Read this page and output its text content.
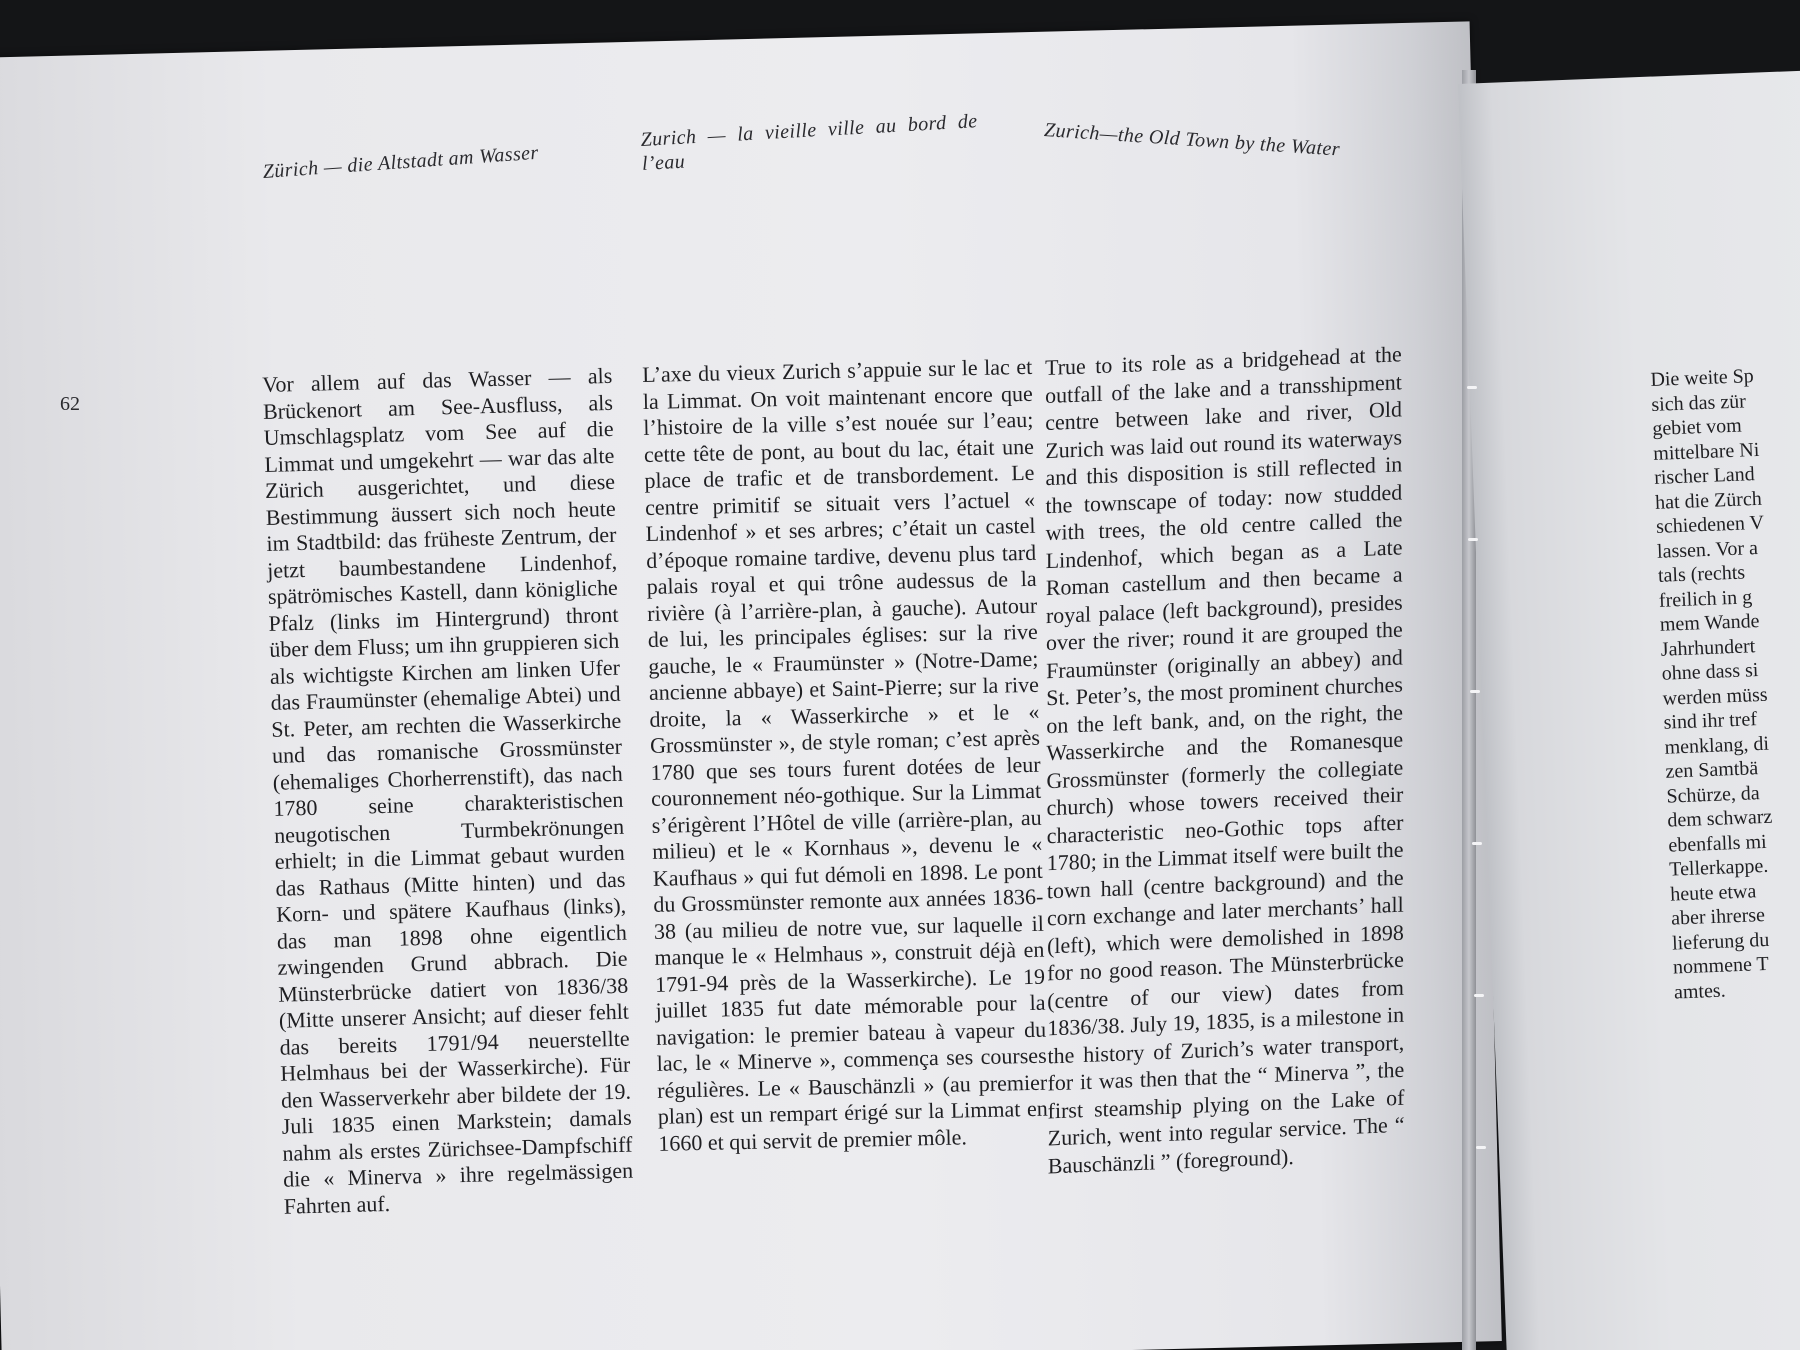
Zürich — die Altstadt am Wasser

Zurich — la vieille ville au bord de l’eau

Zurich—the Old Town by the Water

62

Vor allem auf das Wasser — als Brückenort am See-Ausfluss, als Umschlagsplatz vom See auf die Limmat und umgekehrt — war das alte Zürich ausgerichtet, und diese Bestimmung äussert sich noch heute im Stadtbild: das früheste Zentrum, der jetzt baumbestandene Lindenhof, spätrömisches Kastell, dann königliche Pfalz (links im Hintergrund) thront über dem Fluss; um ihn gruppieren sich als wichtigste Kirchen am linken Ufer das Fraumünster (ehemalige Abtei) und St. Peter, am rechten die Wasserkirche und das romanische Grossmünster (ehemaliges Chorherrenstift), das nach 1780 seine charakteristischen neugotischen Turmbekrönungen erhielt; in die Limmat gebaut wurden das Rathaus (Mitte hinten) und das Korn- und spätere Kaufhaus (links), das man 1898 ohne eigentlich zwingenden Grund abbrach. Die Münsterbrücke datiert von 1836/38 (Mitte unserer Ansicht; auf dieser fehlt das bereits 1791/94 neuerstellte Helmhaus bei der Wasserkirche). Für den Wasserverkehr aber bildete der 19. Juli 1835 einen Markstein; damals nahm als erstes Zürichsee-Dampfschiff die « Minerva » ihre regelmässigen Fahrten auf.

L’axe du vieux Zurich s’appuie sur le lac et la Limmat. On voit maintenant encore que l’histoire de la ville s’est nouée sur l’eau; cette tête de pont, au bout du lac, était une place de trafic et de transbordement. Le centre primitif se situait vers l’actuel « Lindenhof » et ses arbres; c’était un castel d’époque romaine tardive, devenu plus tard palais royal et qui trône audessus de la rivière (à l’arrière-plan, à gauche). Autour de lui, les principales églises: sur la rive gauche, le « Fraumünster » (Notre-Dame; ancienne abbaye) et Saint-Pierre; sur la rive droite, la « Wasserkirche » et le « Grossmünster », de style roman; c’est après 1780 que ses tours furent dotées de leur couronnement néo-gothique. Sur la Limmat s’érigèrent l’Hôtel de ville (arrière-plan, au milieu) et le « Kornhaus », devenu le « Kaufhaus » qui fut démoli en 1898. Le pont du Grossmünster remonte aux années 1836-38 (au milieu de notre vue, sur laquelle il manque le « Helmhaus », construit déjà en 1791-94 près de la Wasserkirche). Le 19 juillet 1835 fut date mémorable pour la navigation: le premier bateau à vapeur du lac, le « Minerve », commença ses courses régulières. Le « Bauschänzli » (au premier plan) est un rempart érigé sur la Limmat en 1660 et qui servit de premier môle.

True to its role as a bridgehead at the outfall of the lake and a transshipment centre between lake and river, Old Zurich was laid out round its waterways and this disposition is still reflected in the townscape of today: now studded with trees, the old centre called the Lindenhof, which began as a Late Roman castellum and then became a royal palace (left background), presides over the river; round it are grouped the Fraumünster (originally an abbey) and St. Peter’s, the most prominent churches on the left bank, and, on the right, the Wasserkirche and the Romanesque Grossmünster (formerly the collegiate church) whose towers received their characteristic neo-Gothic tops after 1780; in the Limmat itself were built the town hall (centre background) and the corn exchange and later merchants’ hall (left), which were demolished in 1898 for no good reason. The Münsterbrücke (centre of our view) dates from 1836/38. July 19, 1835, is a milestone in the history of Zurich’s water transport, for it was then that the “ Minerva ”, the first steamship plying on the Lake of Zurich, went into regular service. The “ Bauschänzli ” (foreground).

Die weite Sp
sich das zür
gebiet vom
mittelbare Ni
rischer Land
hat die Zürch
schiedenen V
lassen. Vor a
tals (rechts
freilich in g
mem Wande
Jahrhundert
ohne dass si
werden müss
sind ihr tref
menklang, di
zen Samtbä
Schürze, da
dem schwarz
ebenfalls mi
Tellerkappe.
heute etwa
aber ihrerse
lieferung du
nommene T
amtes.
